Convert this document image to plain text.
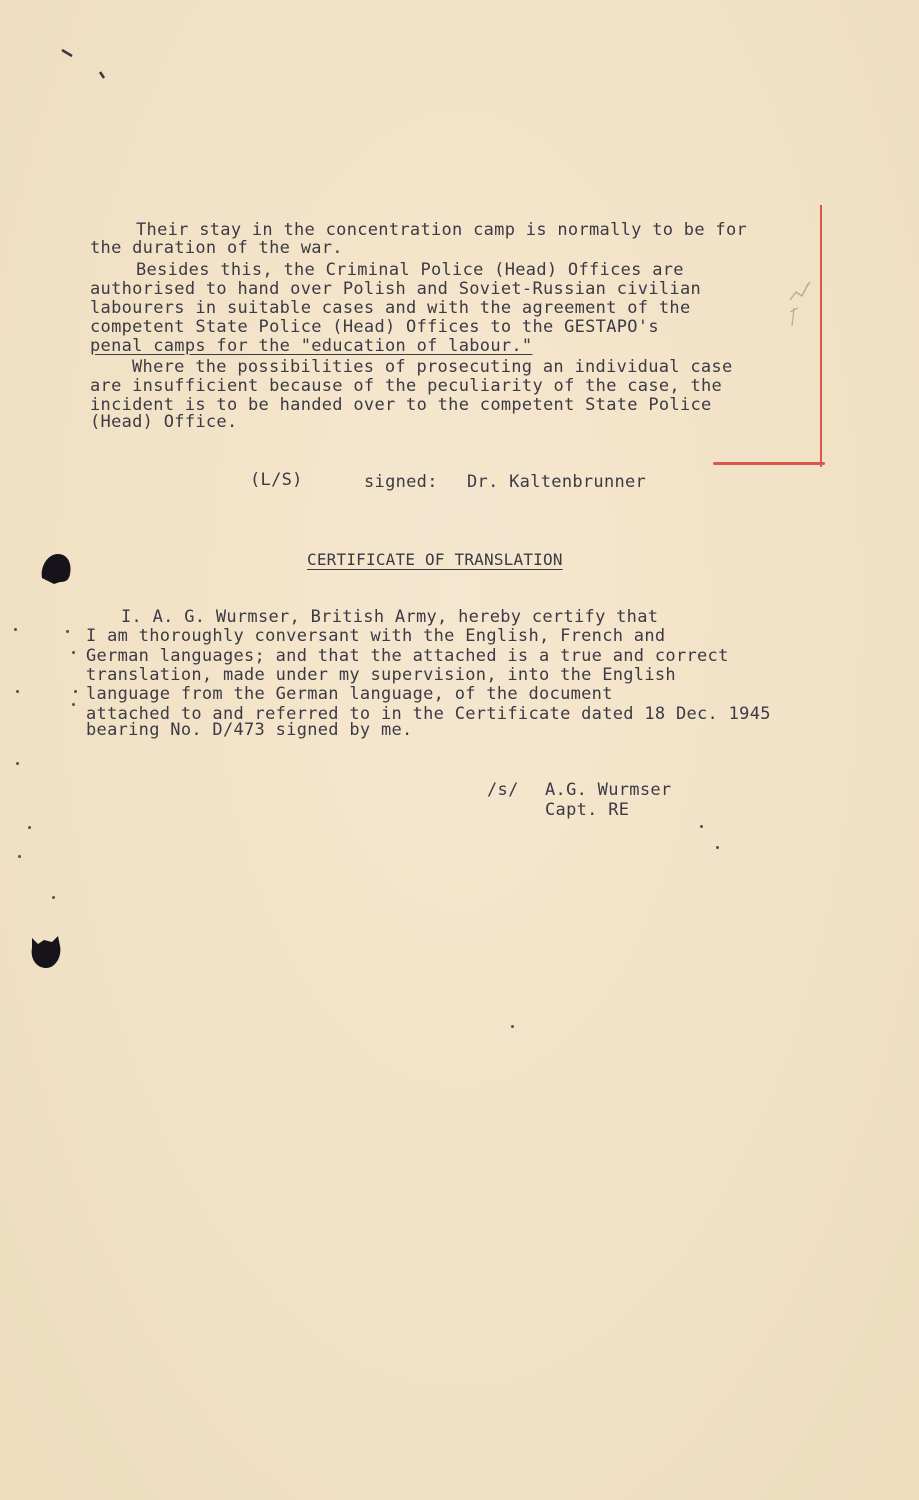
Their stay in the concentration camp is normally to be for
the duration of the war.
Besides this, the Criminal Police (Head) Offices are
authorised to hand over Polish and Soviet-Russian civilian
labourers in suitable cases and with the agreement of the
competent State Police (Head) Offices to the GESTAPO's
penal camps for the "education of labour."
Where the possibilities of prosecuting an individual case
are insufficient because of the peculiarity of the case, the
incident is to be handed over to the competent State Police
(Head) Office.
(L/S)	signed: Dr. Kaltenbrunner
CERTIFICATE OF TRANSLATION
I. A. G. Wurmser, British Army, hereby certify that
I am thoroughly conversant with the English, French and
German languages; and that the attached is a true and correct
translation, made under my supervision, into the English
language from the German language, of the document
attached to and referred to in the Certificate dated 18 Dec. 1945
bearing No. D/473 signed by me.
/s/ A.G. Wurmser
Capt. RE
